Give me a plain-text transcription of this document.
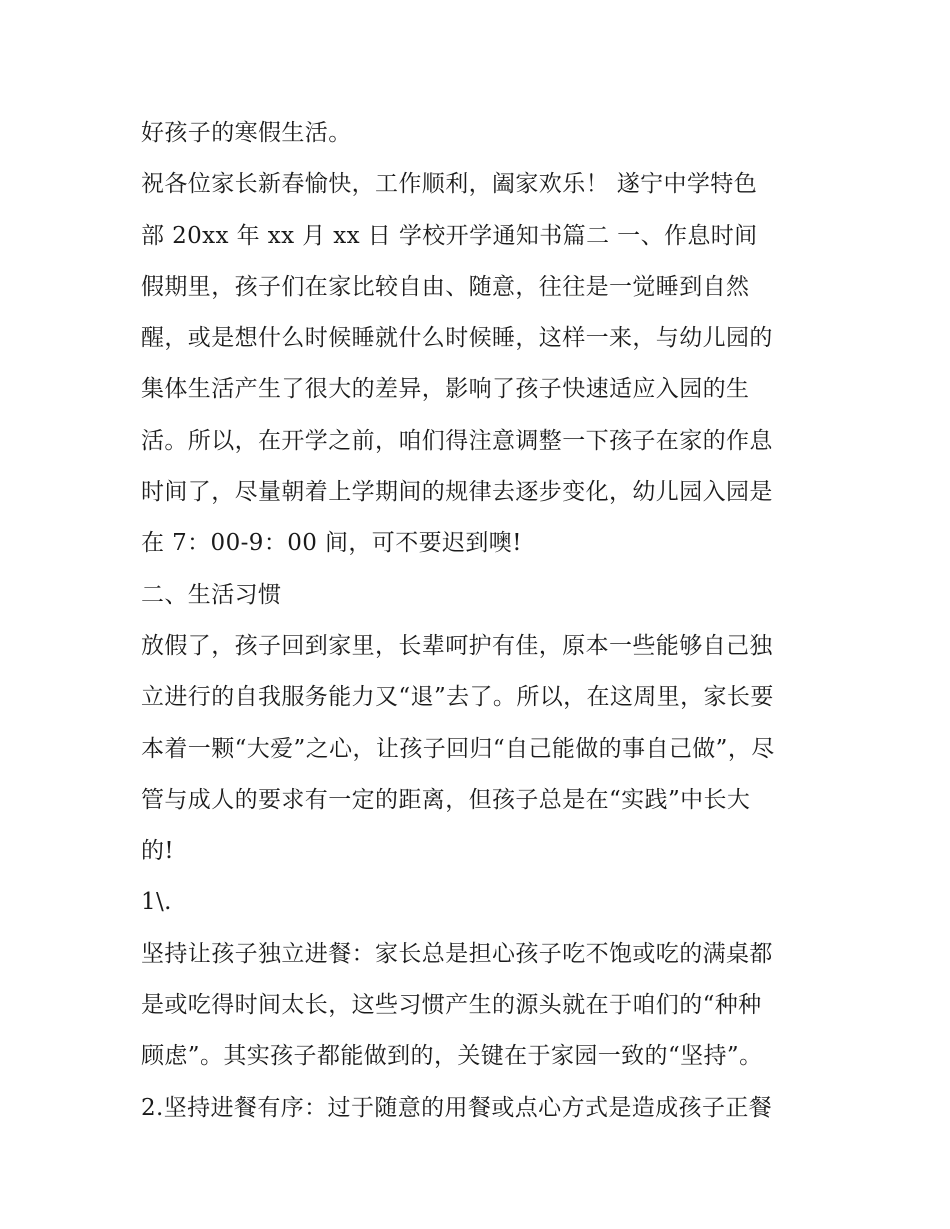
好孩子的寒假生活。
祝各位家长新春愉快，工作顺利，阖家欢乐！ 遂宁中学特色
部 20xx 年 xx 月 xx 日 学校开学通知书篇二 一、作息时间
假期里，孩子们在家比较自由、随意，往往是一觉睡到自然
醒，或是想什么时候睡就什么时候睡，这样一来，与幼儿园的
集体生活产生了很大的差异，影响了孩子快速适应入园的生
活。所以，在开学之前，咱们得注意调整一下孩子在家的作息
时间了，尽量朝着上学期间的规律去逐步变化，幼儿园入园是
在 7：00-9：00 间，可不要迟到噢!
二、生活习惯
放假了，孩子回到家里，长辈呵护有佳，原本一些能够自己独
立进行的自我服务能力又“退”去了。所以，在这周里，家长要
本着一颗“大爱”之心，让孩子回归“自己能做的事自己做”，尽
管与成人的要求有一定的距离，但孩子总是在“实践”中长大
的!
1\.
坚持让孩子独立进餐：家长总是担心孩子吃不饱或吃的满桌都
是或吃得时间太长，这些习惯产生的源头就在于咱们的“种种
顾虑”。其实孩子都能做到的，关键在于家园一致的“坚持”。
2.坚持进餐有序：过于随意的用餐或点心方式是造成孩子正餐
